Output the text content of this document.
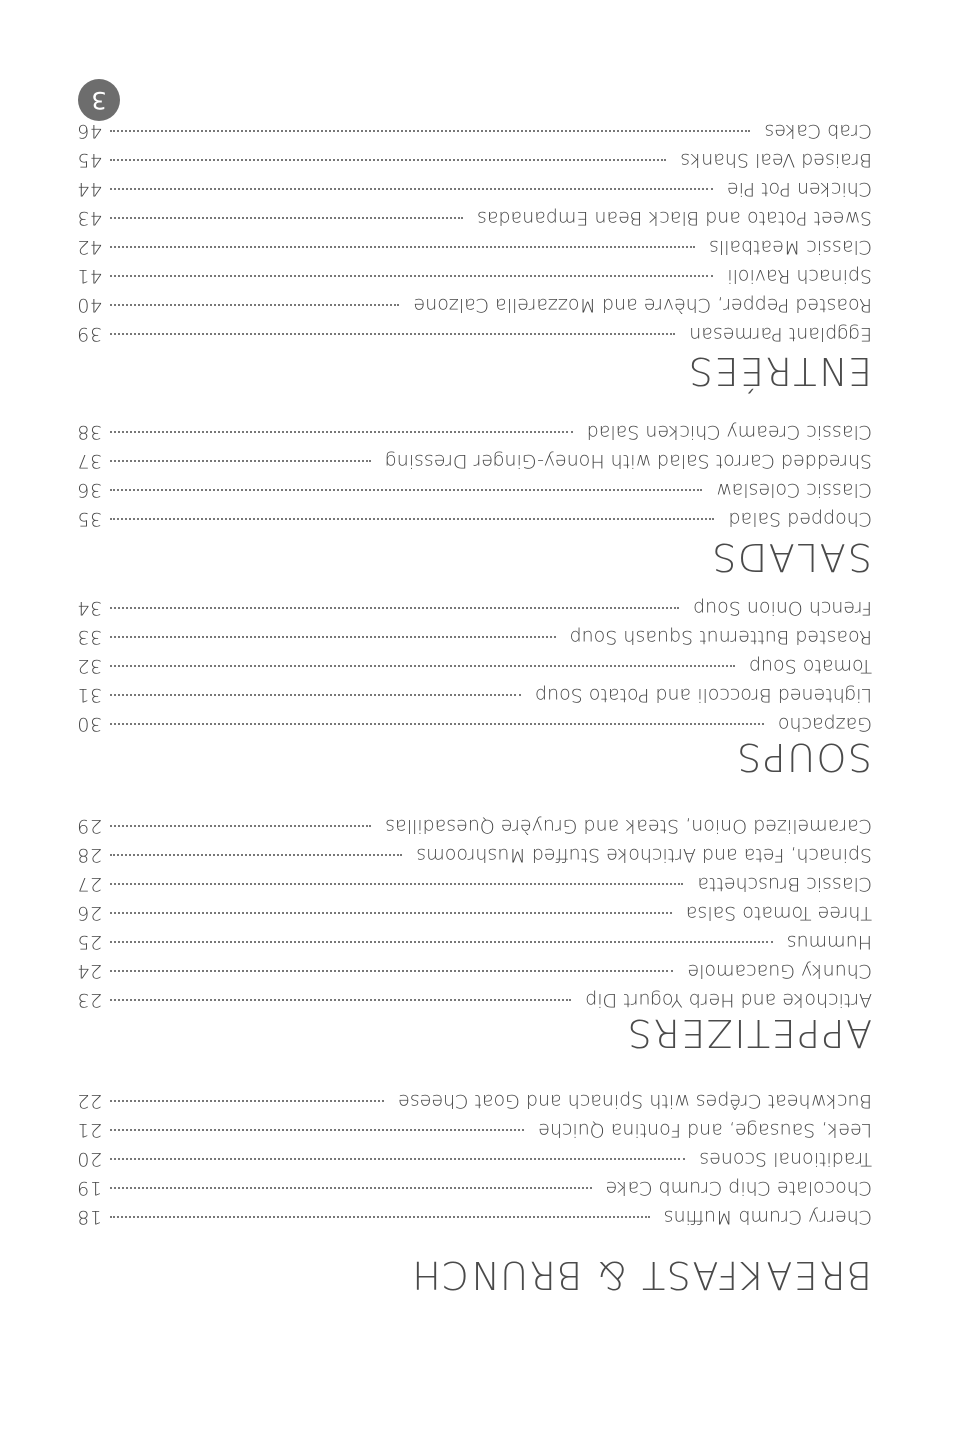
BREAKFAST & BRUNCH
Cherry Crumb Muffins
18
Chocolate Chip Crumb Cake
19
Traditional Scones
20
Leek, Sausage, and Fontina Quiche
21
Buckwheat Crêpes with Spinach and Goat Cheese
22
APPETIZERS
Artichoke and Herb Yogurt Dip
23
Chunky Guacamole
24
Hummus
25
Three Tomato Salsa
26
Classic Bruschetta
27
Spinach, Feta and Artichoke Stuffed Mushrooms
28
Caramelized Onion, Steak and Gruyère Quesadillas
29
SOUPS
Gazpacho
30
Lightened Broccoli and Potato Soup
31
Tomato Soup
32
Roasted Butternut Squash Soup
33
French Onion Soup
34
SALADS
Chopped Salad
35
Classic Coleslaw
36
Shredded Carrot Salad with Honey-Ginger Dressing
37
Classic Creamy Chicken Salad
38
ENTRÉES
Eggplant Parmesan
39
Roasted Pepper, Chèvre and Mozzarella Calzone
40
Spinach Ravioli
41
Classic Meatballs
42
Sweet Potato and Black Bean Empanadas
43
Chicken Pot Pie
44
Braised Veal Shanks
45
Crab Cakes
46
3
